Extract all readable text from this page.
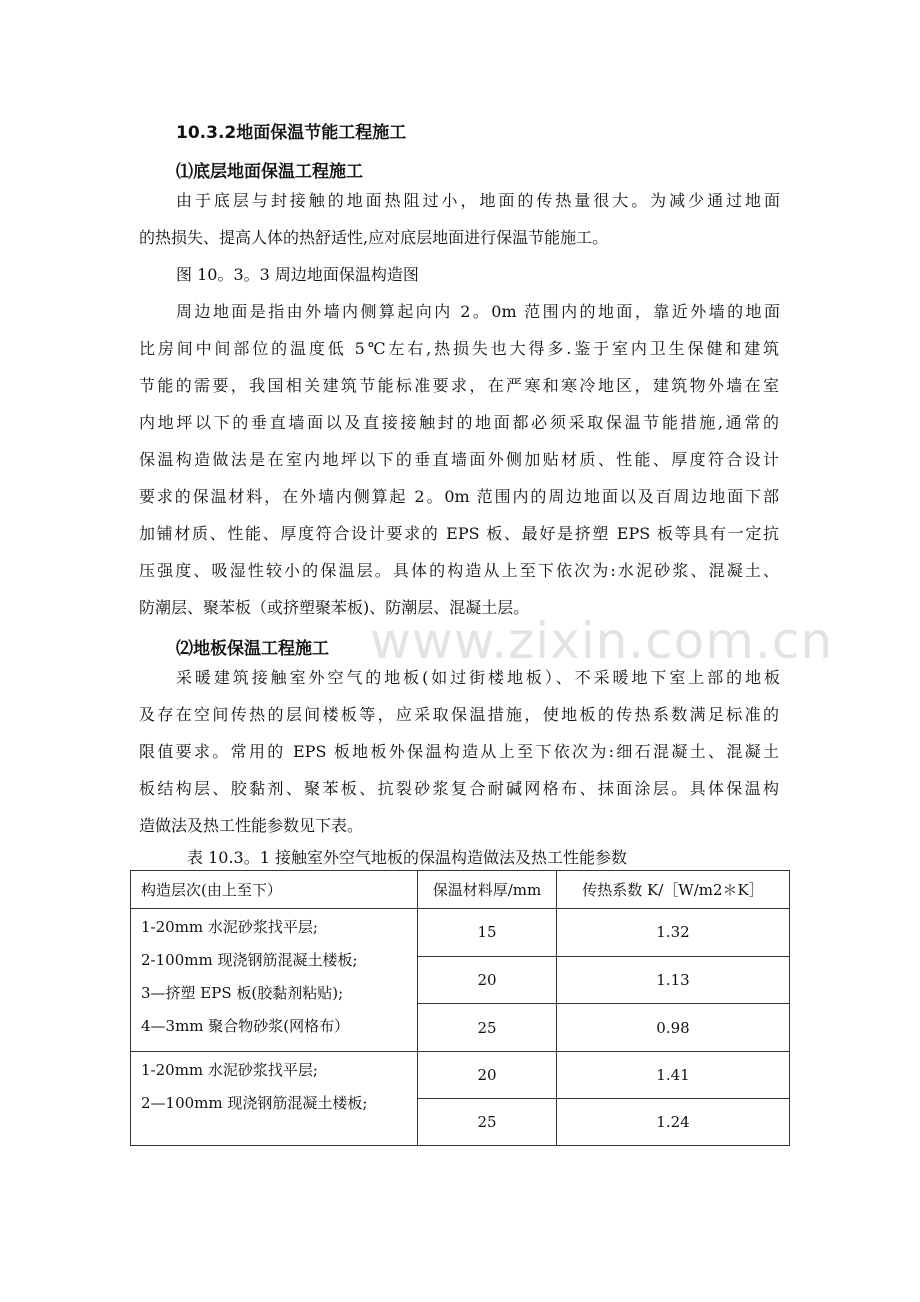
www.zixin.com.cn
10.3.2地面保温节能工程施工
⑴底层地面保温工程施工
由于底层与封接触的地面热阻过小，地面的传热量很大。为减少通过地面
的热损失、提高人体的热舒适性,应对底层地面进行保温节能施工。
图 10。3。3 周边地面保温构造图
周边地面是指由外墙内侧算起向内 2。0m 范围内的地面，靠近外墙的地面
比房间中间部位的温度低 5℃左右,热损失也大得多.鉴于室内卫生保健和建筑
节能的需要，我国相关建筑节能标准要求，在严寒和寒冷地区，建筑物外墙在室
内地坪以下的垂直墙面以及直接接触封的地面都必须采取保温节能措施,通常的
保温构造做法是在室内地坪以下的垂直墙面外侧加贴材质、性能、厚度符合设计
要求的保温材料，在外墙内侧算起 2。0m 范围内的周边地面以及百周边地面下部
加铺材质、性能、厚度符合设计要求的 EPS 板、最好是挤塑 EPS 板等具有一定抗
压强度、吸湿性较小的保温层。具体的构造从上至下依次为:水泥砂浆、混凝土、
防潮层、聚苯板（或挤塑聚苯板)、防潮层、混凝土层。
⑵地板保温工程施工
采暖建筑接触室外空气的地板(如过街楼地板）、不采暖地下室上部的地板
及存在空间传热的层间楼板等，应采取保温措施，使地板的传热系数满足标准的
限值要求。常用的 EPS 板地板外保温构造从上至下依次为:细石混凝土、混凝土
板结构层、胶黏剂、聚苯板、抗裂砂浆复合耐碱网格布、抹面涂层。具体保温构
造做法及热工性能参数见下表。
表 10.3。1 接触室外空气地板的保温构造做法及热工性能参数
构造层次(由上至下）	保温材料厚/mm	传热系数 K/［W/m2＊K］

1-20mm 水泥砂浆找平层;
2-100mm 现浇钢筋混凝土楼板;
3—挤塑 EPS 板(胶黏剂粘贴);
4—3mm 聚合物砂浆(网格布）	15	1.32
	20	1.13
	25	0.98

1-20mm 水泥砂浆找平层;
2—100mm 现浇钢筋混凝土楼板;	20	1.41
	25	1.24
